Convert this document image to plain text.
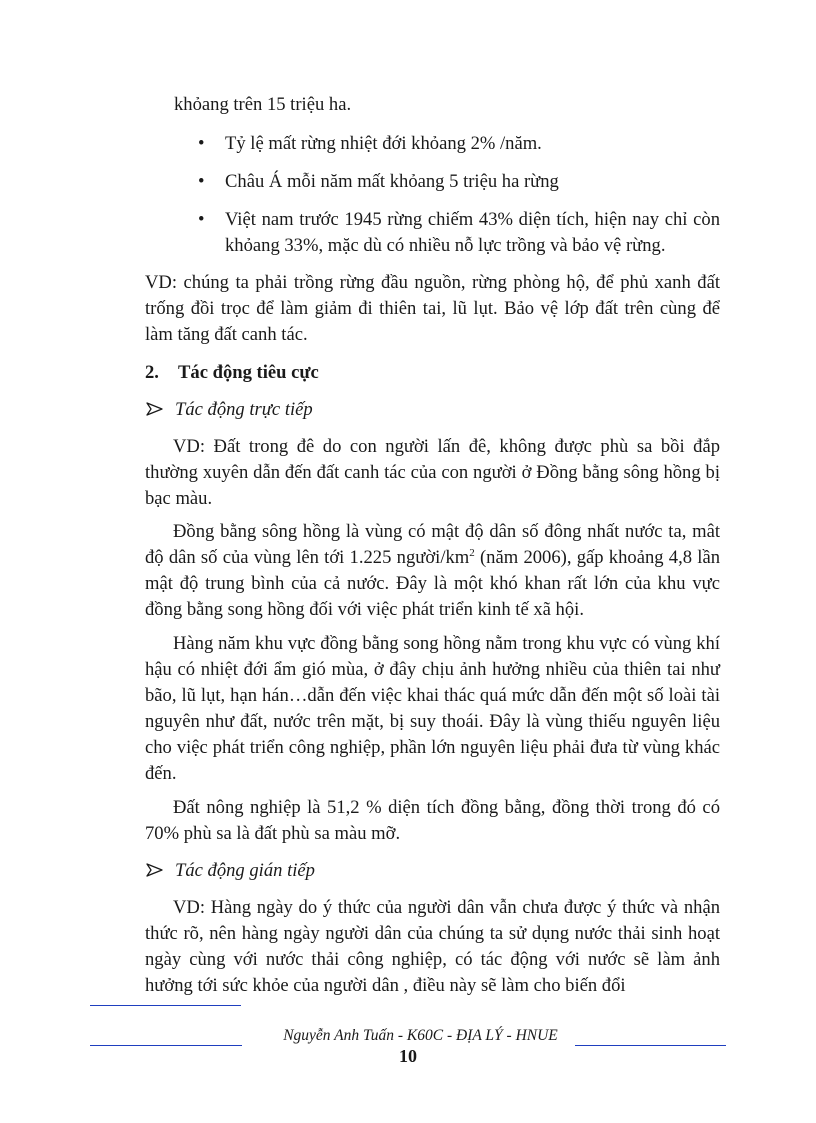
khỏang trên 15 triệu ha.

•	Tỷ lệ mất rừng nhiệt đới khỏang 2% /năm.
•	Châu Á mỗi năm mất khỏang 5 triệu ha rừng
•	Việt nam trước 1945 rừng chiếm 43% diện tích, hiện nay chỉ còn khỏang 33%, mặc dù có nhiều nỗ lực trồng và bảo vệ rừng.

VD: chúng ta phải trồng rừng đầu nguồn, rừng phòng hộ, để phủ xanh đất trống đồi trọc để làm giảm đi thiên tai, lũ lụt. Bảo vệ lớp đất trên cùng để làm tăng đất canh tác.

2. Tác động tiêu cực

Tác động trực tiếp

VD: Đất trong đê do con người lấn đê, không được phù sa bồi đắp thường xuyên dẫn đến đất canh tác của con người ở Đồng bằng sông hồng bị bạc màu.

Đồng bằng sông hồng là vùng có mật độ dân số đông nhất nước ta, mât độ dân số của vùng lên tới 1.225 người/$km^2$ (năm 2006), gấp khoảng 4,8 lần mật độ trung bình của cả nước. Đây là một khó khan rất lớn của khu vực đồng bằng song hồng đối với việc phát triển kinh tế xã hội.

Hàng năm khu vực đồng bằng song hồng nằm trong khu vực có vùng khí hậu có nhiệt đới ẩm gió mùa, ở đây chịu ảnh hưởng nhiều của thiên tai như bão, lũ lụt, hạn hán…dẫn đến việc khai thác quá mức dẫn đến một số loài tài nguyên như đất, nước trên mặt, bị suy thoái. Đây là vùng thiếu nguyên liệu cho việc phát triển công nghiệp, phần lớn nguyên liệu phải đưa từ vùng khác đến.

Đất nông nghiệp là 51,2 % diện tích đồng bằng, đồng thời trong đó có 70% phù sa là đất phù sa màu mỡ.

Tác động gián tiếp

VD: Hàng ngày do ý thức của người dân vẫn chưa được ý thức và nhận thức rõ, nên hàng ngày người dân của chúng ta sử dụng nước thải sinh hoạt ngày cùng với nước thải công nghiệp, có tác động với nước sẽ làm ảnh hưởng tới sức khỏe của người dân , điều này sẽ làm cho biến đổi

Nguyễn Anh Tuấn - K60C - ĐỊA LÝ - HNUE

10
